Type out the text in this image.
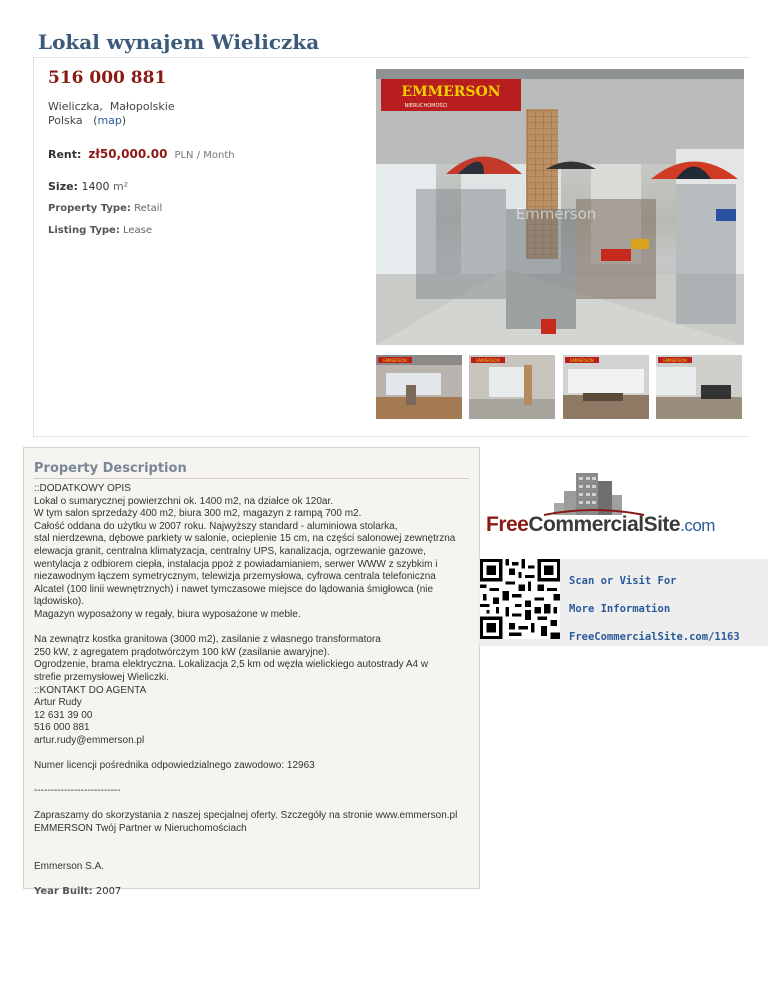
Lokal wynajem Wieliczka
516 000 881
Wieliczka, Małopolskie
Polska   (map)
Rent: zł50,000.00 PLN / Month
Size: 1400 m²
Property Type: Retail
Listing Type: Lease
EMMERSON
NIERUCHOMOŚCI
Emmerson
EMMERSON	EMMERSON	EMMERSON	EMMERSON
Property Description

::DODATKOWY OPIS

Lokal o sumarycznej powierzchni ok. 1400 m2, na działce ok 120ar.

W tym salon sprzedaży 400 m2, biura 300 m2, magazyn z rampą 700 m2.

Całość oddana do użytku w 2007 roku. Najwyższy standard - aluminiowa stolarka,

stal nierdzewna, dębowe parkiety w salonie, ocieplenie 15 cm, na części salonowej zewnętrzna

elewacja granit, centralna klimatyzacja, centralny UPS, kanalizacja, ogrzewanie gazowe,

wentylacja z odbiorem ciepła, instalacja ppoż z powiadamianiem, serwer WWW z szybkim i

niezawodnym łączem symetrycznym, telewizja przemysłowa, cyfrowa centrala telefoniczna

Alcatel (100 linii wewnętrznych) i nawet tymczasowe miejsce do lądowania śmigłowca (nie

lądowisko).

Magazyn wyposażony w regały, biura wyposażone w meble.

Na zewnątrz kostka granitowa (3000 m2), zasilanie z własnego transformatora

250 kW, z agregatem prądotwórczym 100 kW (zasilanie awaryjne).

Ogrodzenie, brama elektryczna. Lokalizacja 2,5 km od węzła wielickiego autostrady A4 w

strefie przemysłowej Wieliczki.

::KONTAKT DO AGENTA

Artur Rudy

12 631 39 00

516 000 881

artur.rudy@emmerson.pl

Numer licencji pośrednika odpowiedzialnego zawodowo: 12963

--------------------------

Zapraszamy do skorzystania z naszej specjalnej oferty. Szczegóły na stronie www.emmerson.pl

EMMERSON Twój Partner w Nieruchomościach

Emmerson S.A.

Year Built: 2007

FreeCommercialSite.com
Scan or Visit For
More Information
FreeCommercialSite.com/1163
